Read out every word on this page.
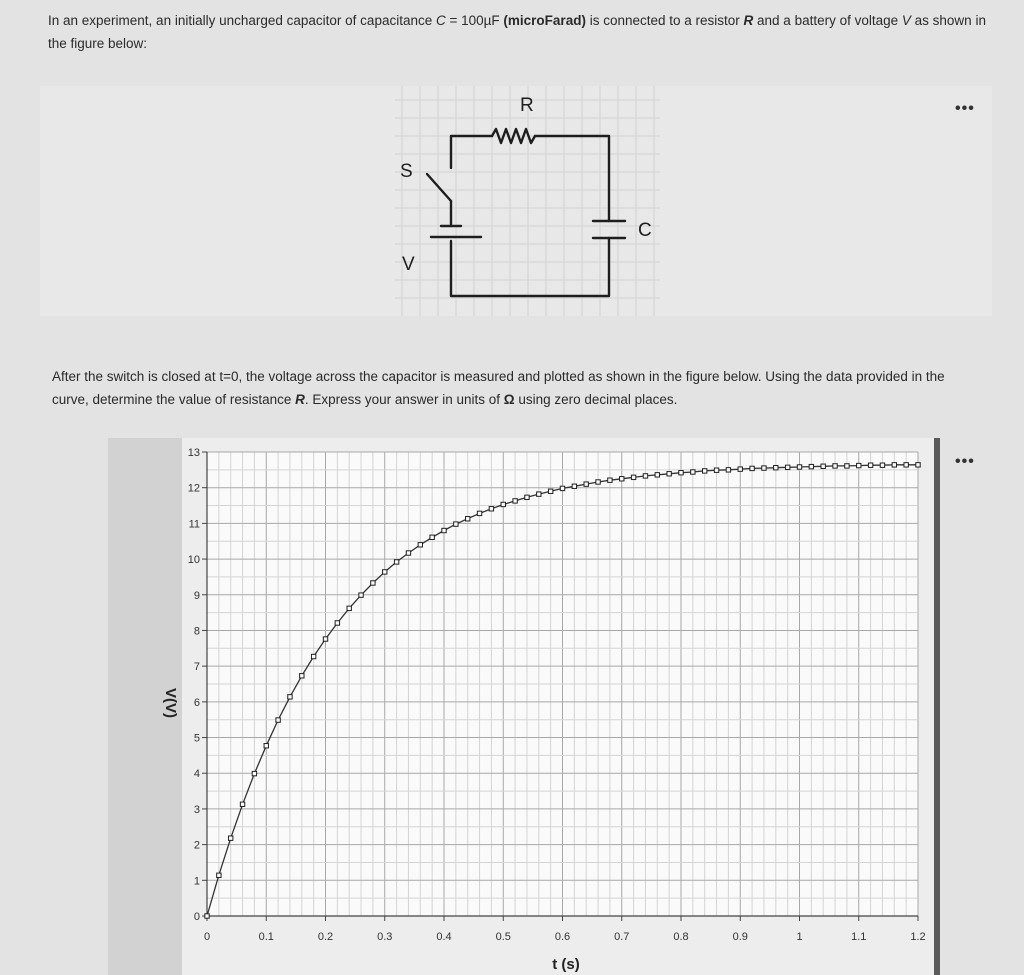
In an experiment, an initially uncharged capacitor of capacitance C = 100µF (microFarad) is connected to a resistor R and a battery of voltage V as shown in the figure below:

R
S
C
V
•••

After the switch is closed at t=0, the voltage across the capacitor is measured and plotted as shown in the figure below. Using the data provided in the curve, determine the value of resistance R. Express your answer in units of Ω using zero decimal places.

0
1
2
3
4
5
6
7
8
9
10
11
12
13
0	0.1	0.2	0.3	0.4	0.5	0.6	0.7	0.8	0.9	1	1.1	1.2
V(V)
t (s)
•••
